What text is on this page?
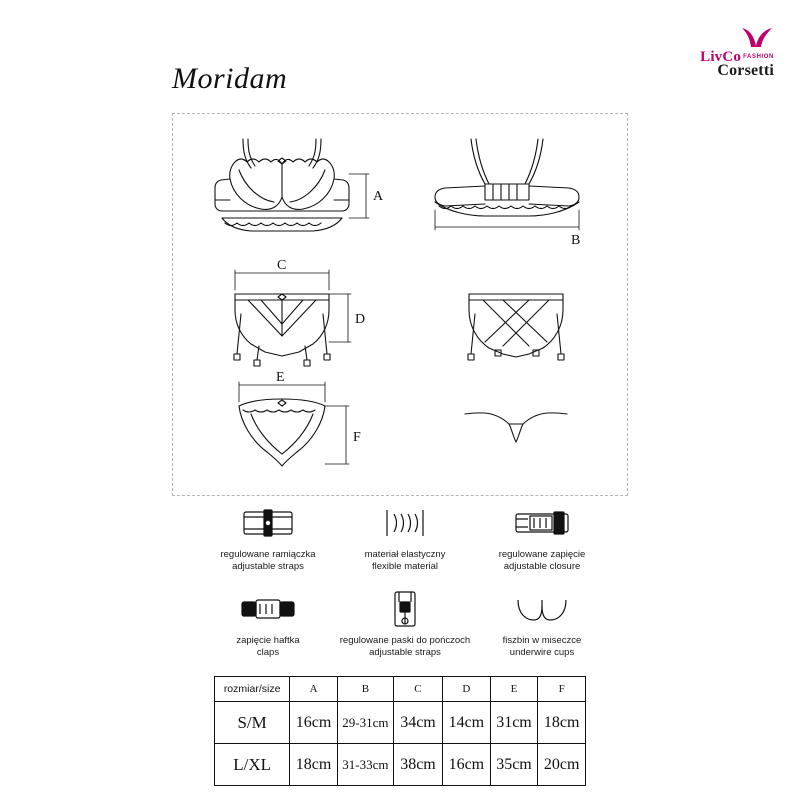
LivCo FASHION
Corsetti
Moridam
A
B
C
D
E
F
regulowane ramiączka
adjustable straps
materiał elastyczny
flexible material
regulowane zapięcie
adjustable closure
zapięcie haftka
claps
regulowane paski do pończoch
adjustable straps
fiszbin w miseczce
underwire cups
rozmiar/size	A	B	C	D	E	F
S/M	16cm	29-31cm	34cm	14cm	31cm	18cm
L/XL	18cm	31-33cm	38cm	16cm	35cm	20cm
